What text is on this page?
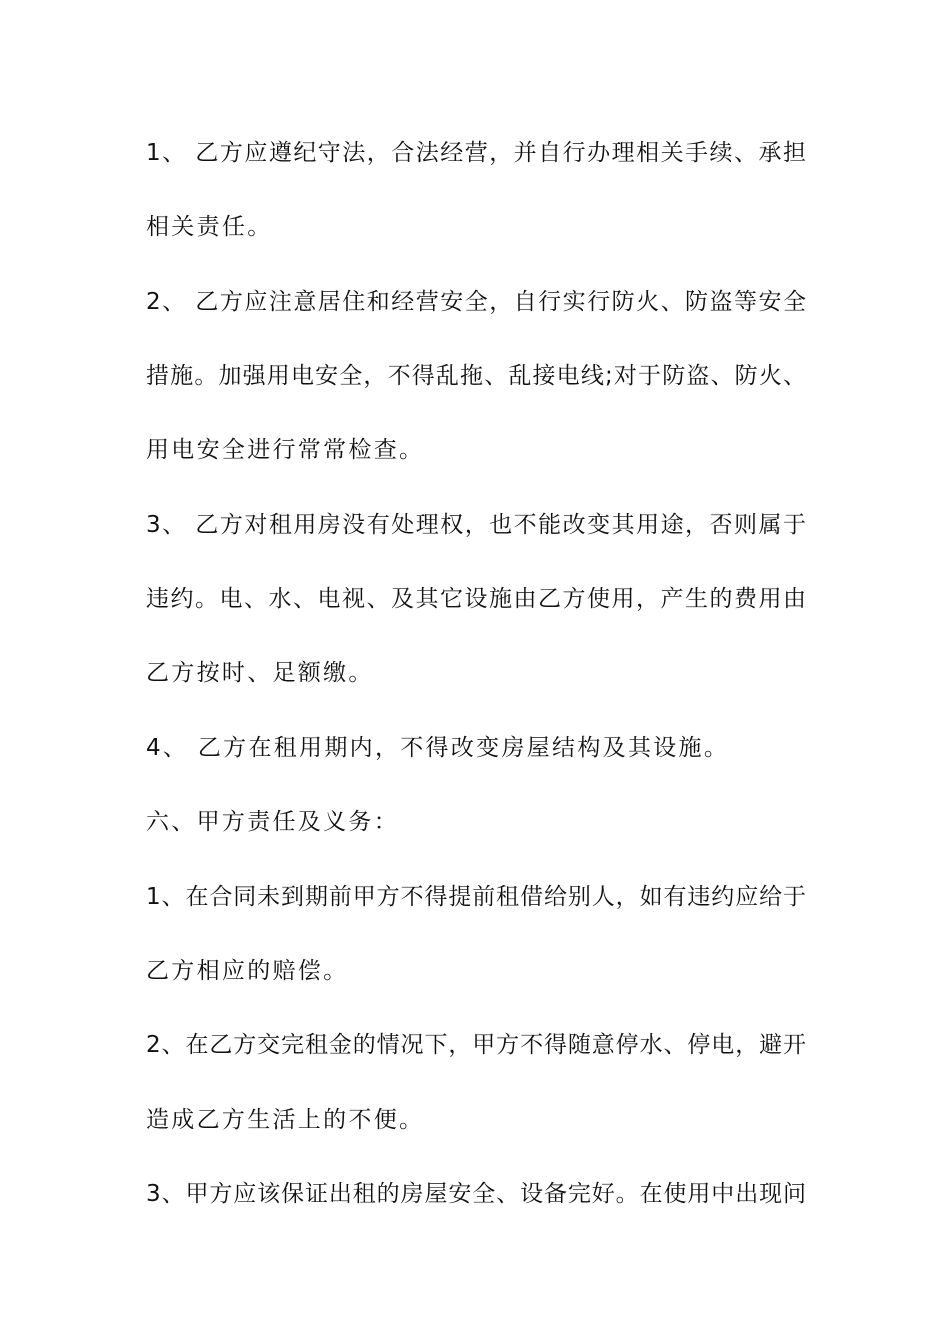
1、 乙方应遵纪守法，合法经营，并自行办理相关手续、承担
相关责任。
2、 乙方应注意居住和经营安全，自行实行防火、防盗等安全
措施。加强用电安全，不得乱拖、乱接电线;对于防盗、防火、
用电安全进行常常检查。
3、 乙方对租用房没有处理权，也不能改变其用途，否则属于
违约。电、水、电视、及其它设施由乙方使用，产生的费用由
乙方按时、足额缴。
4、 乙方在租用期内，不得改变房屋结构及其设施。
六、甲方责任及义务：
1、在合同未到期前甲方不得提前租借给别人，如有违约应给于
乙方相应的赔偿。
2、在乙方交完租金的情况下，甲方不得随意停水、停电，避开
造成乙方生活上的不便。
3、甲方应该保证出租的房屋安全、设备完好。在使用中出现问
